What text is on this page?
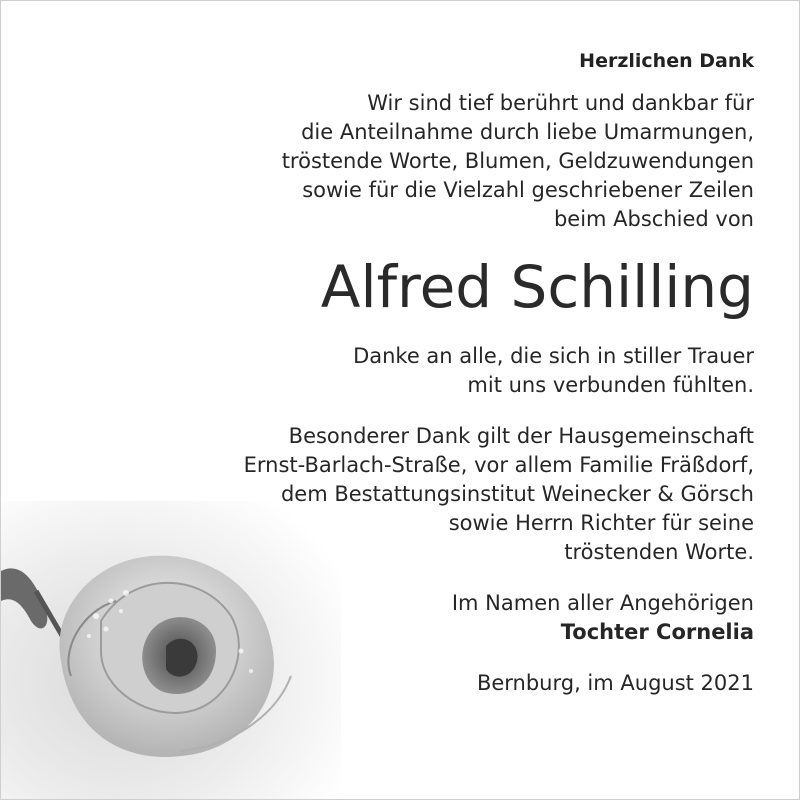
Herzlichen Dank
Wir sind tief berührt und dankbar für
die Anteilnahme durch liebe Umarmungen,
tröstende Worte, Blumen, Geldzuwendungen
sowie für die Vielzahl geschriebener Zeilen
beim Abschied von
Alfred Schilling
Danke an alle, die sich in stiller Trauer
mit uns verbunden fühlten.
Besonderer Dank gilt der Hausgemeinschaft
Ernst-Barlach-Straße, vor allem Familie Fräßdorf,
dem Bestattungsinstitut Weinecker & Görsch
sowie Herrn Richter für seine
tröstenden Worte.
Im Namen aller Angehörigen
Tochter Cornelia
Bernburg, im August 2021
